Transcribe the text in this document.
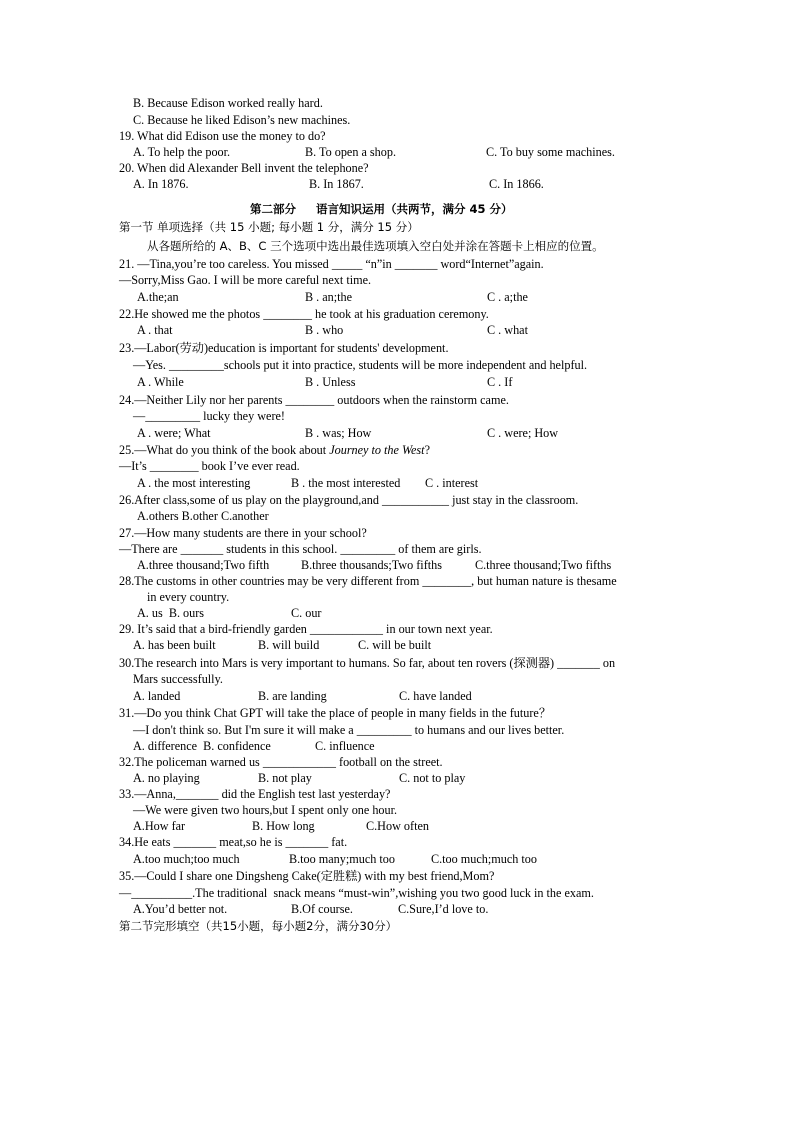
B. Because Edison worked really hard.
C. Because he liked Edison’s new machines.
19. What did Edison use the money to do?
A. To help the poor.	B. To open a shop.	C. To buy some machines.
20. When did Alexander Bell invent the telephone?
A. In 1876.	B. In 1867.	C. In 1866.
第二部分     语言知识运用（共两节，满分 45 分）
第一节 单项选择（共 15 小题; 每小题 1 分，满分 15 分）
从各题所给的 A、B、C 三个选项中选出最佳选项填入空白处并涂在答题卡上相应的位置。
21. —Tina,you’re too careless. You missed _____ “n”in _______ word“Internet”again.
—Sorry,Miss Gao. I will be more careful next time.
A.the;an	B . an;the	C . a;the
22.He showed me the photos ________ he took at his graduation ceremony.
A . that	B . who	C . what
23.—Labor(劳动)education is important for students' development.
—Yes. _________schools put it into practice, students will be more independent and helpful.
A . While	B . Unless	C . If
24.—Neither Lily nor her parents ________ outdoors when the rainstorm came.
—_________ lucky they were!
A . were; What	B . was; How	C . were; How
25.—What do you think of the book about Journey to the West?
—It’s ________ book I’ve ever read.
A . the most interesting	B . the most interested C . interest
26.After class,some of us play on the playground,and ___________ just stay in the classroom.
A.others B.other C.another
27.—How many students are there in your school?
—There are _______ students in this school. _________ of them are girls.
A.three thousand;Two fifth	B.three thousands;Two fifths	C.three thousand;Two fifths
28.The customs in other countries may be very different from ________, but human nature is thesame
in every country.
A. us  B. ours	C. our
29. It’s said that a bird-friendly garden ____________ in our town next year.
A. has been built	B. will build	C. will be built
30.The research into Mars is very important to humans. So far, about ten rovers (探测器) _______ on
Mars successfully.
A. landed	B. are landing	C. have landed
31.—Do you think Chat GPT will take the place of people in many fields in the future？
—I don't think so. But I'm sure it will make a _________ to humans and our lives better.
A. difference  B. confidence	C. influence
32.The policeman warned us ____________ football on the street.
A. no playing	B. not play	C. not to play
33.—Anna,_______ did the English test last yesterday?
—We were given two hours,but I spent only one hour.
A.How far	B. How long	C.How often
34.He eats _______ meat,so he is _______ fat.
A.too much;too much	B.too many;much too	C.too much;much too
35.—Could I share one Dingsheng Cake(定胜糕) with my best friend,Mom?
—__________.The traditional  snack means “must-win”,wishing you two good luck in the exam.
A.You’d better not.	B.Of course.	C.Sure,I’d love to.
第二节完形填空（共15小题，每小题2分，满分30分）
